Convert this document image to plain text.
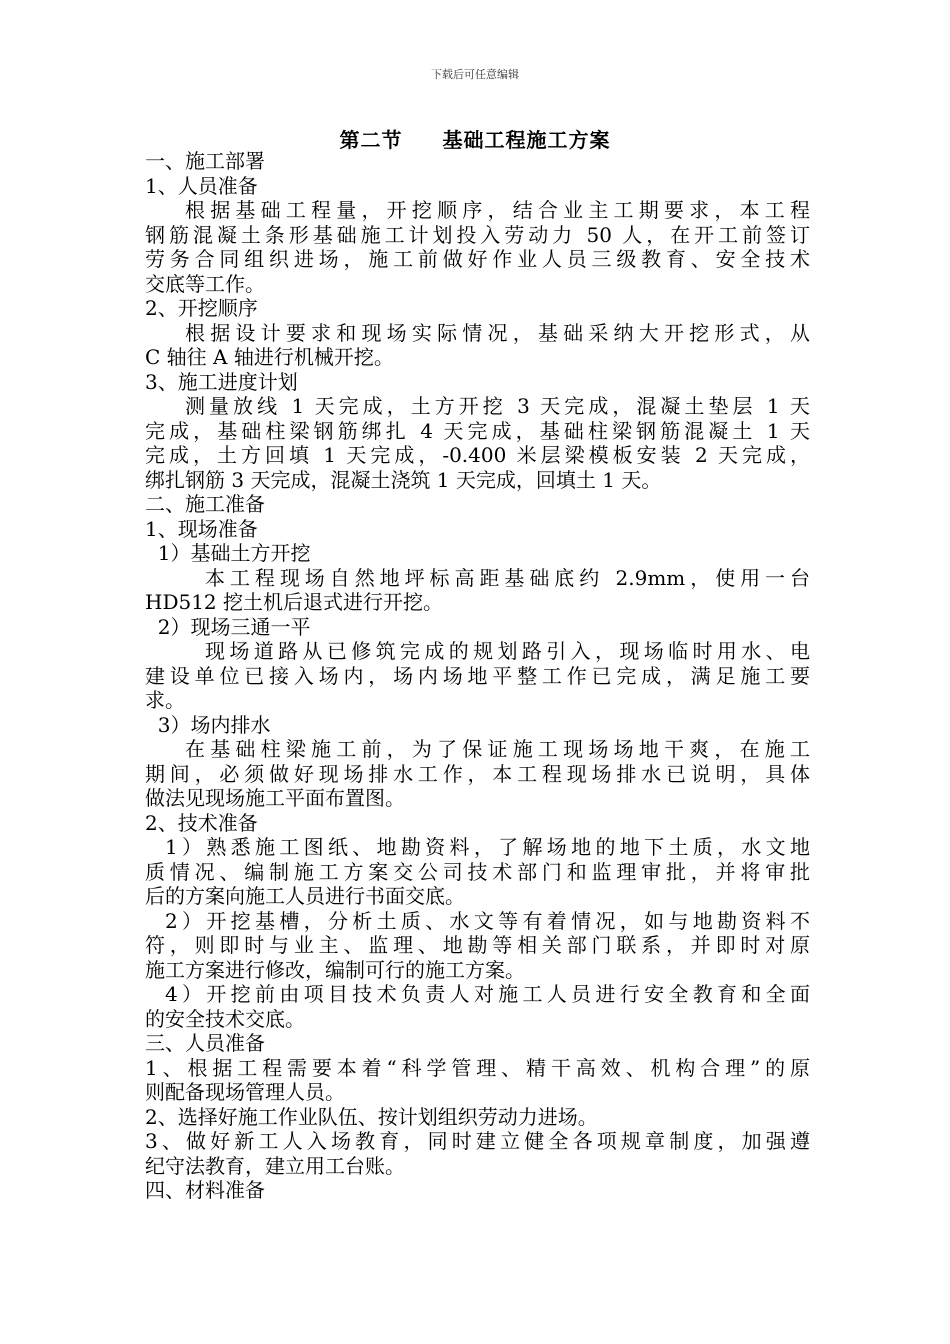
下载后可任意编辑
第二节 基础工程施工方案
一、施工部署
1、人员准备
根据基础工程量，开挖顺序，结合业主工期要求，本工程
钢筋混凝土条形基础施工计划投入劳动力 50 人，在开工前签订
劳务合同组织进场，施工前做好作业人员三级教育、安全技术
交底等工作。
2、开挖顺序
根据设计要求和现场实际情况，基础采纳大开挖形式，从
C 轴往 A 轴进行机械开挖。
3、施工进度计划
测量放线 1 天完成，土方开挖 3 天完成，混凝土垫层 1 天
完成，基础柱梁钢筋绑扎 4 天完成，基础柱梁钢筋混凝土 1 天
完成，土方回填 1 天完成，-0.400 米层梁模板安装 2 天完成，
绑扎钢筋 3 天完成，混凝土浇筑 1 天完成，回填土 1 天。
二、施工准备
1、现场准备
1）基础土方开挖
本工程现场自然地坪标高距基础底约 2.9mm，使用一台
HD512 挖土机后退式进行开挖。
2）现场三通一平
现场道路从已修筑完成的规划路引入，现场临时用水、电
建设单位已接入场内，场内场地平整工作已完成，满足施工要
求。
3）场内排水
在基础柱梁施工前，为了保证施工现场场地干爽，在施工
期间，必须做好现场排水工作，本工程现场排水已说明，具体
做法见现场施工平面布置图。
2、技术准备
1）熟悉施工图纸、地勘资料，了解场地的地下土质，水文地
质情况、编制施工方案交公司技术部门和监理审批，并将审批
后的方案向施工人员进行书面交底。
2）开挖基槽，分析土质、水文等有着情况，如与地勘资料不
符，则即时与业主、监理、地勘等相关部门联系，并即时对原
施工方案进行修改，编制可行的施工方案。
4）开挖前由项目技术负责人对施工人员进行安全教育和全面
的安全技术交底。
三、人员准备
1、根据工程需要本着“科学管理、精干高效、机构合理”的原
则配备现场管理人员。
2、选择好施工作业队伍、按计划组织劳动力进场。
3、做好新工人入场教育，同时建立健全各项规章制度，加强遵
纪守法教育，建立用工台账。
四、材料准备
